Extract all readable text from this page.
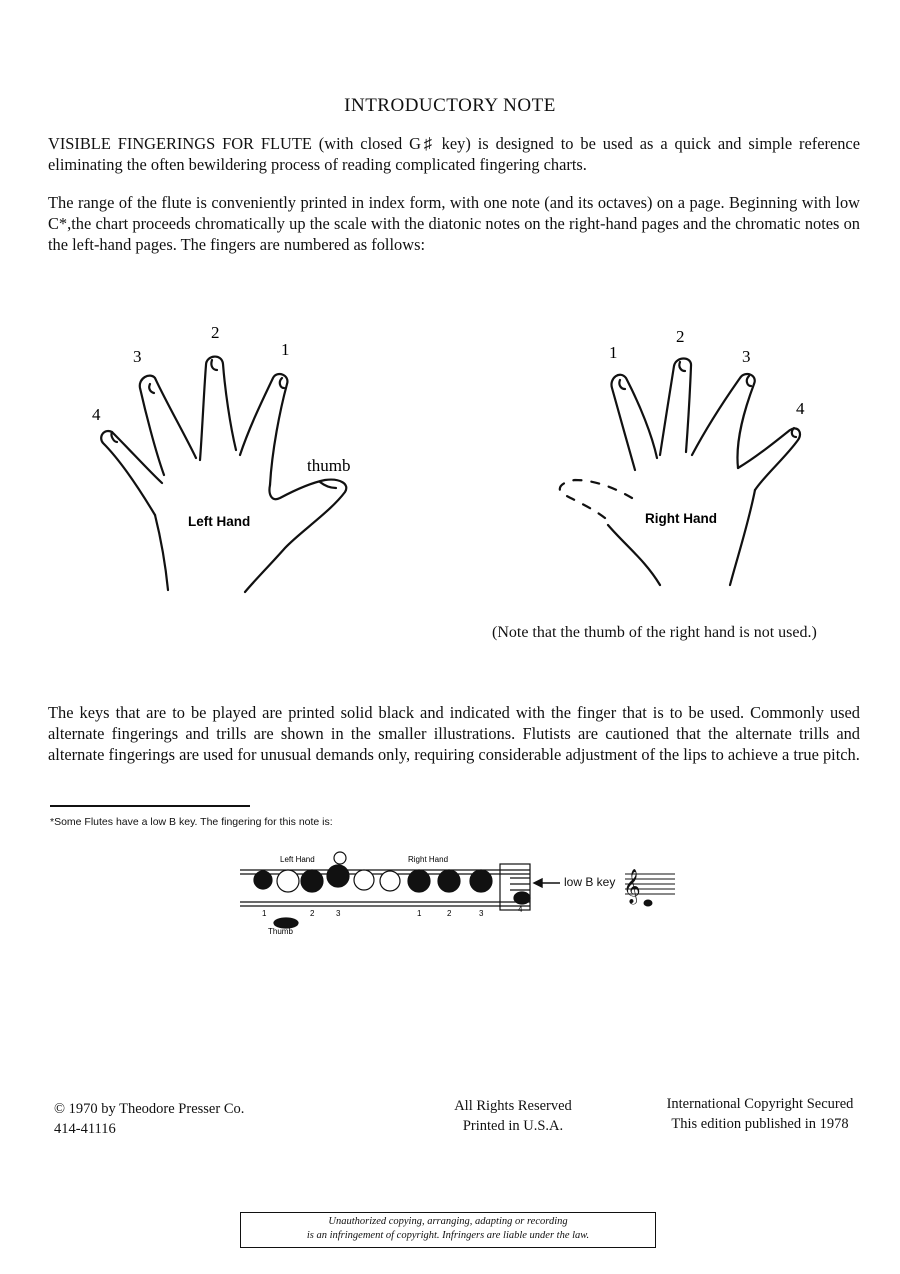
INTRODUCTORY NOTE
VISIBLE FINGERINGS FOR FLUTE (with closed G♯ key) is designed to be used as a quick and simple reference eliminating the often bewildering process of reading complicated fingering charts.
The range of the flute is conveniently printed in index form, with one note (and its octaves) on a page. Beginning with low C*,the chart proceeds chromatically up the scale with the diatonic notes on the right-hand pages and the chromatic notes on the left-hand pages. The fingers are numbered as follows:
2
3	1
4
thumb
Left Hand
1
2
3
4
Right Hand
(Note that the thumb of the right hand is not used.)
The keys that are to be played are printed solid black and indicated with the finger that is to be used. Commonly used alternate fingerings and trills are shown in the smaller illustrations. Flutists are cautioned that the alternate trills and alternate fingerings are used for unusual demands only, requiring considerable adjustment of the lips to achieve a true pitch.
*Some Flutes have a low B key. The fingering for this note is:
Left Hand	Right Hand
Thumb
1	2	3	1	2	3	4
𝄞
low B key
© 1970 by Theodore Presser Co.
414-41116
All Rights Reserved
Printed in U.S.A.
International Copyright Secured
This edition published in 1978
Unauthorized copying, arranging, adapting or recording
is an infringement of copyright. Infringers are liable under the law.
